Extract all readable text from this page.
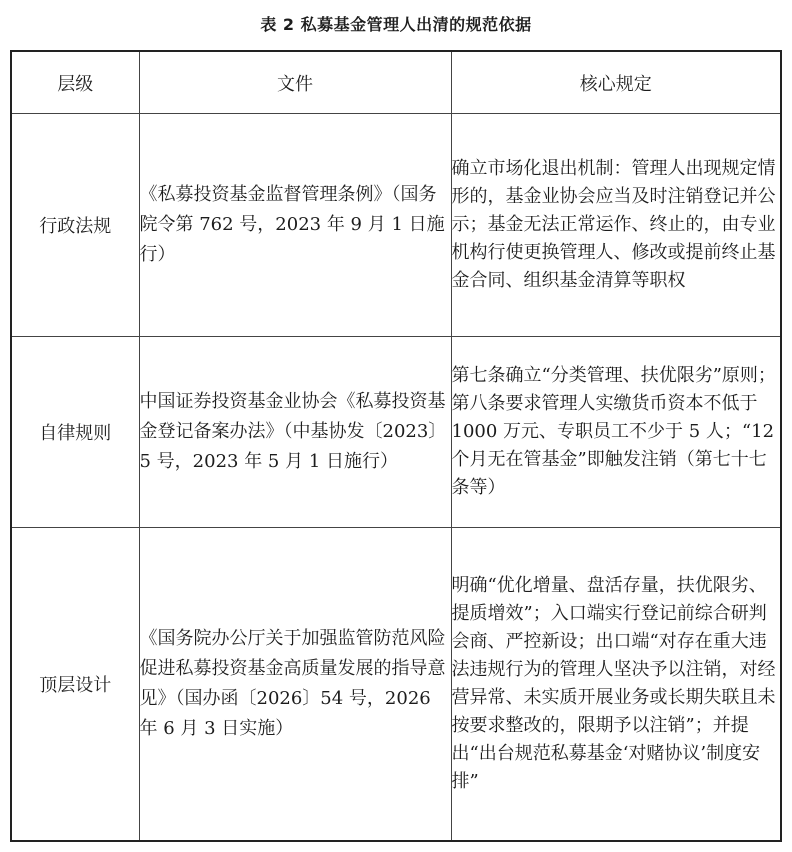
表 2 私募基金管理人出清的规范依据
层级	文件	核心规定
行政法规	《私募投资基金监督管理条例》（国务院令第 762 号，2023 年 9 月 1 日施行）	确立市场化退出机制：管理人出现规定情形的，基金业协会应当及时注销登记并公示；基金无法正常运作、终止的，由专业机构行使更换管理人、修改或提前终止基金合同、组织基金清算等职权
自律规则	中国证券投资基金业协会《私募投资基金登记备案办法》（中基协发〔2023〕5 号，2023 年 5 月 1 日施行）	第七条确立“分类管理、扶优限劣”原则；第八条要求管理人实缴货币资本不低于 1000 万元、专职员工不少于 5 人；“12 个月无在管基金”即触发注销（第七十七条等）
顶层设计	《国务院办公厅关于加强监管防范风险促进私募投资基金高质量发展的指导意见》（国办函〔2026〕54 号，2026 年 6 月 3 日实施）	明确“优化增量、盘活存量，扶优限劣、提质增效”；入口端实行登记前综合研判会商、严控新设；出口端“对存在重大违法违规行为的管理人坚决予以注销，对经营异常、未实质开展业务或长期失联且未按要求整改的，限期予以注销”；并提出“出台规范私募基金‘对赌协议’制度安排”
